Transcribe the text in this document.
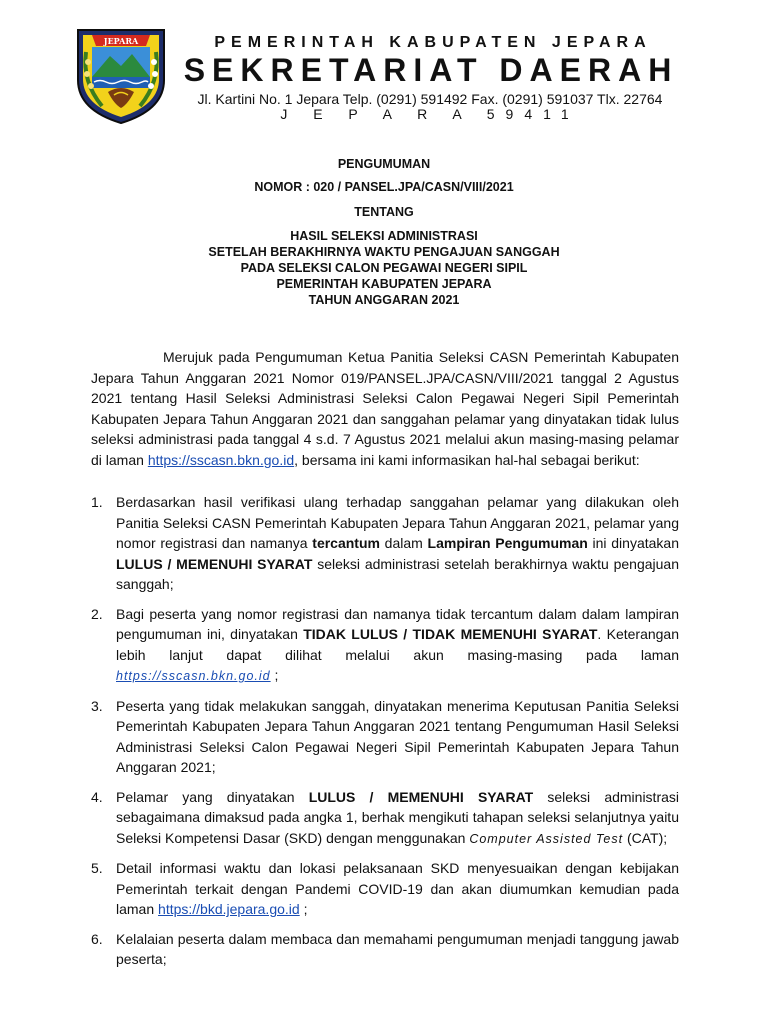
JEPARA	PEMERINTAH KABUPATEN JEPARA
SEKRETARIAT DAERAH
Jl. Kartini No. 1 Jepara Telp. (0291) 591492 Fax. (0291) 591037 Tlx. 22764
J E P A R A 59411
PENGUMUMAN
NOMOR : 020 / PANSEL.JPA/CASN/VIII/2021
TENTANG
HASIL SELEKSI ADMINISTRASI
SETELAH BERAKHIRNYA WAKTU PENGAJUAN SANGGAH
PADA SELEKSI CALON PEGAWAI NEGERI SIPIL
PEMERINTAH KABUPATEN JEPARA
TAHUN ANGGARAN 2021
Merujuk pada Pengumuman Ketua Panitia Seleksi CASN Pemerintah Kabupaten Jepara Tahun Anggaran 2021 Nomor 019/PANSEL.JPA/CASN/VIII/2021 tanggal 2 Agustus 2021 tentang Hasil Seleksi Administrasi Seleksi Calon Pegawai Negeri Sipil Pemerintah Kabupaten Jepara Tahun Anggaran 2021 dan sanggahan pelamar yang dinyatakan tidak lulus seleksi administrasi pada tanggal 4 s.d. 7 Agustus 2021 melalui akun masing-masing pelamar di laman https://sscasn.bkn.go.id, bersama ini kami informasikan hal-hal sebagai berikut:
1. Berdasarkan hasil verifikasi ulang terhadap sanggahan pelamar yang dilakukan oleh Panitia Seleksi CASN Pemerintah Kabupaten Jepara Tahun Anggaran 2021, pelamar yang nomor registrasi dan namanya tercantum dalam Lampiran Pengumuman ini dinyatakan LULUS / MEMENUHI SYARAT seleksi administrasi setelah berakhirnya waktu pengajuan sanggah;
2. Bagi peserta yang nomor registrasi dan namanya tidak tercantum dalam dalam lampiran pengumuman ini, dinyatakan TIDAK LULUS / TIDAK MEMENUHI SYARAT. Keterangan lebih lanjut dapat dilihat melalui akun masing-masing pada laman https://sscasn.bkn.go.id ;
3. Peserta yang tidak melakukan sanggah, dinyatakan menerima Keputusan Panitia Seleksi Pemerintah Kabupaten Jepara Tahun Anggaran 2021 tentang Pengumuman Hasil Seleksi Administrasi Seleksi Calon Pegawai Negeri Sipil Pemerintah Kabupaten Jepara Tahun Anggaran 2021;
4. Pelamar yang dinyatakan LULUS / MEMENUHI SYARAT seleksi administrasi sebagaimana dimaksud pada angka 1, berhak mengikuti tahapan seleksi selanjutnya yaitu Seleksi Kompetensi Dasar (SKD) dengan menggunakan Computer Assisted Test (CAT);
5. Detail informasi waktu dan lokasi pelaksanaan SKD menyesuaikan dengan kebijakan Pemerintah terkait dengan Pandemi COVID-19 dan akan diumumkan kemudian pada laman https://bkd.jepara.go.id ;
6. Kelalaian peserta dalam membaca dan memahami pengumuman menjadi tanggung jawab peserta;
